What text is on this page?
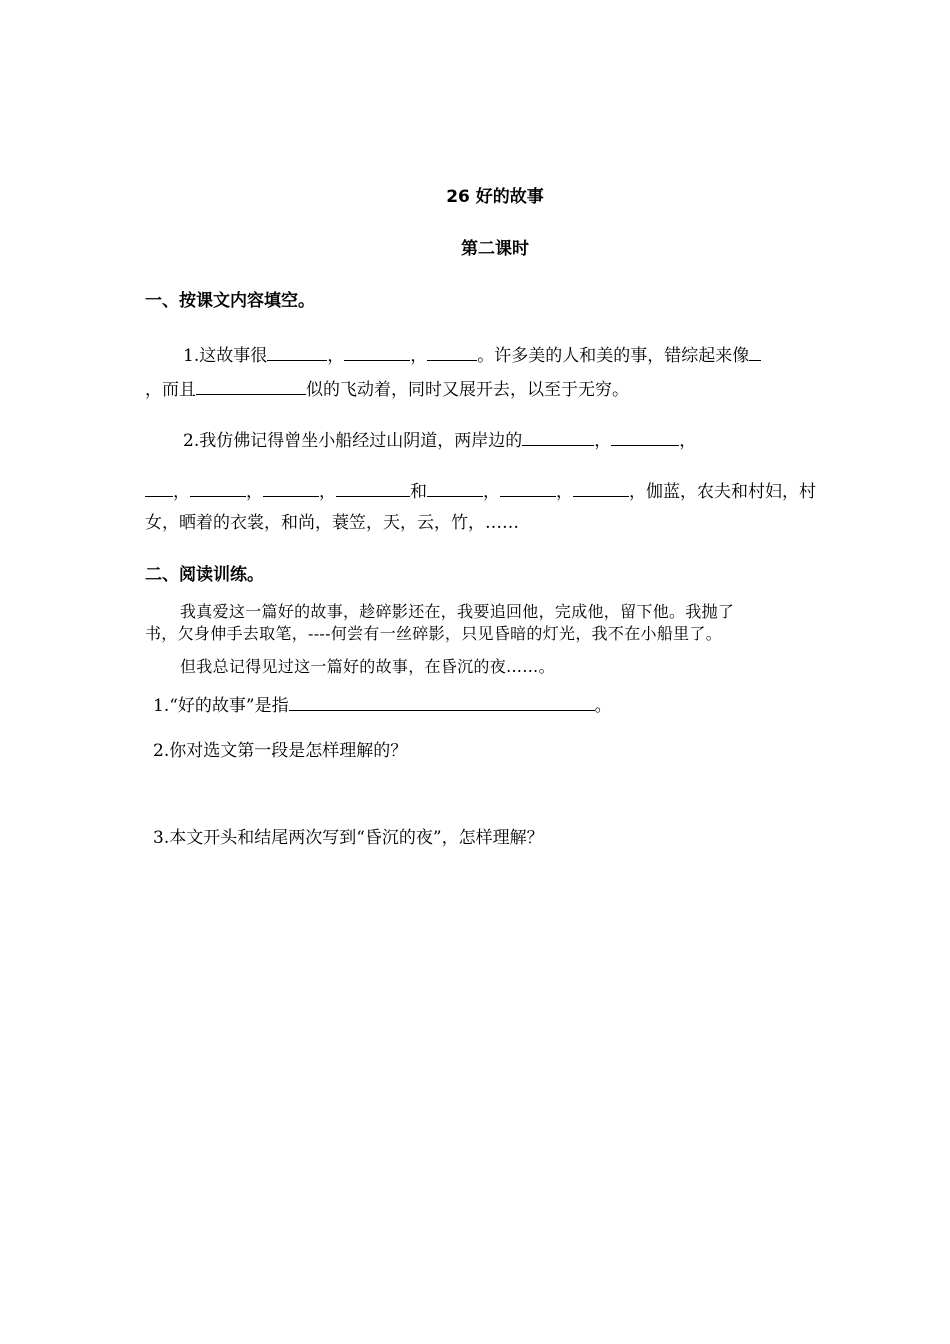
26 好的故事
第二课时
一、按课文内容填空。
1.这故事很	，	，	。许多美的人和美的事，错综起来像
，而且	似的飞动着，同时又展开去，以至于无穷。
2.我仿佛记得曾坐小船经过山阴道，两岸边的	，	，
，	，	，	和	，	，	，伽蓝，农夫和村妇，村
女，晒着的衣裳，和尚，蓑笠，天，云，竹，……
二、阅读训练。
我真爱这一篇好的故事，趁碎影还在，我要追回他，完成他，留下他。我抛了
书，欠身伸手去取笔，----何尝有一丝碎影，只见昏暗的灯光，我不在小船里了。
但我总记得见过这一篇好的故事，在昏沉的夜……。
1.“好的故事”是指	。
2.你对选文第一段是怎样理解的？
3.本文开头和结尾两次写到“昏沉的夜”，怎样理解？
